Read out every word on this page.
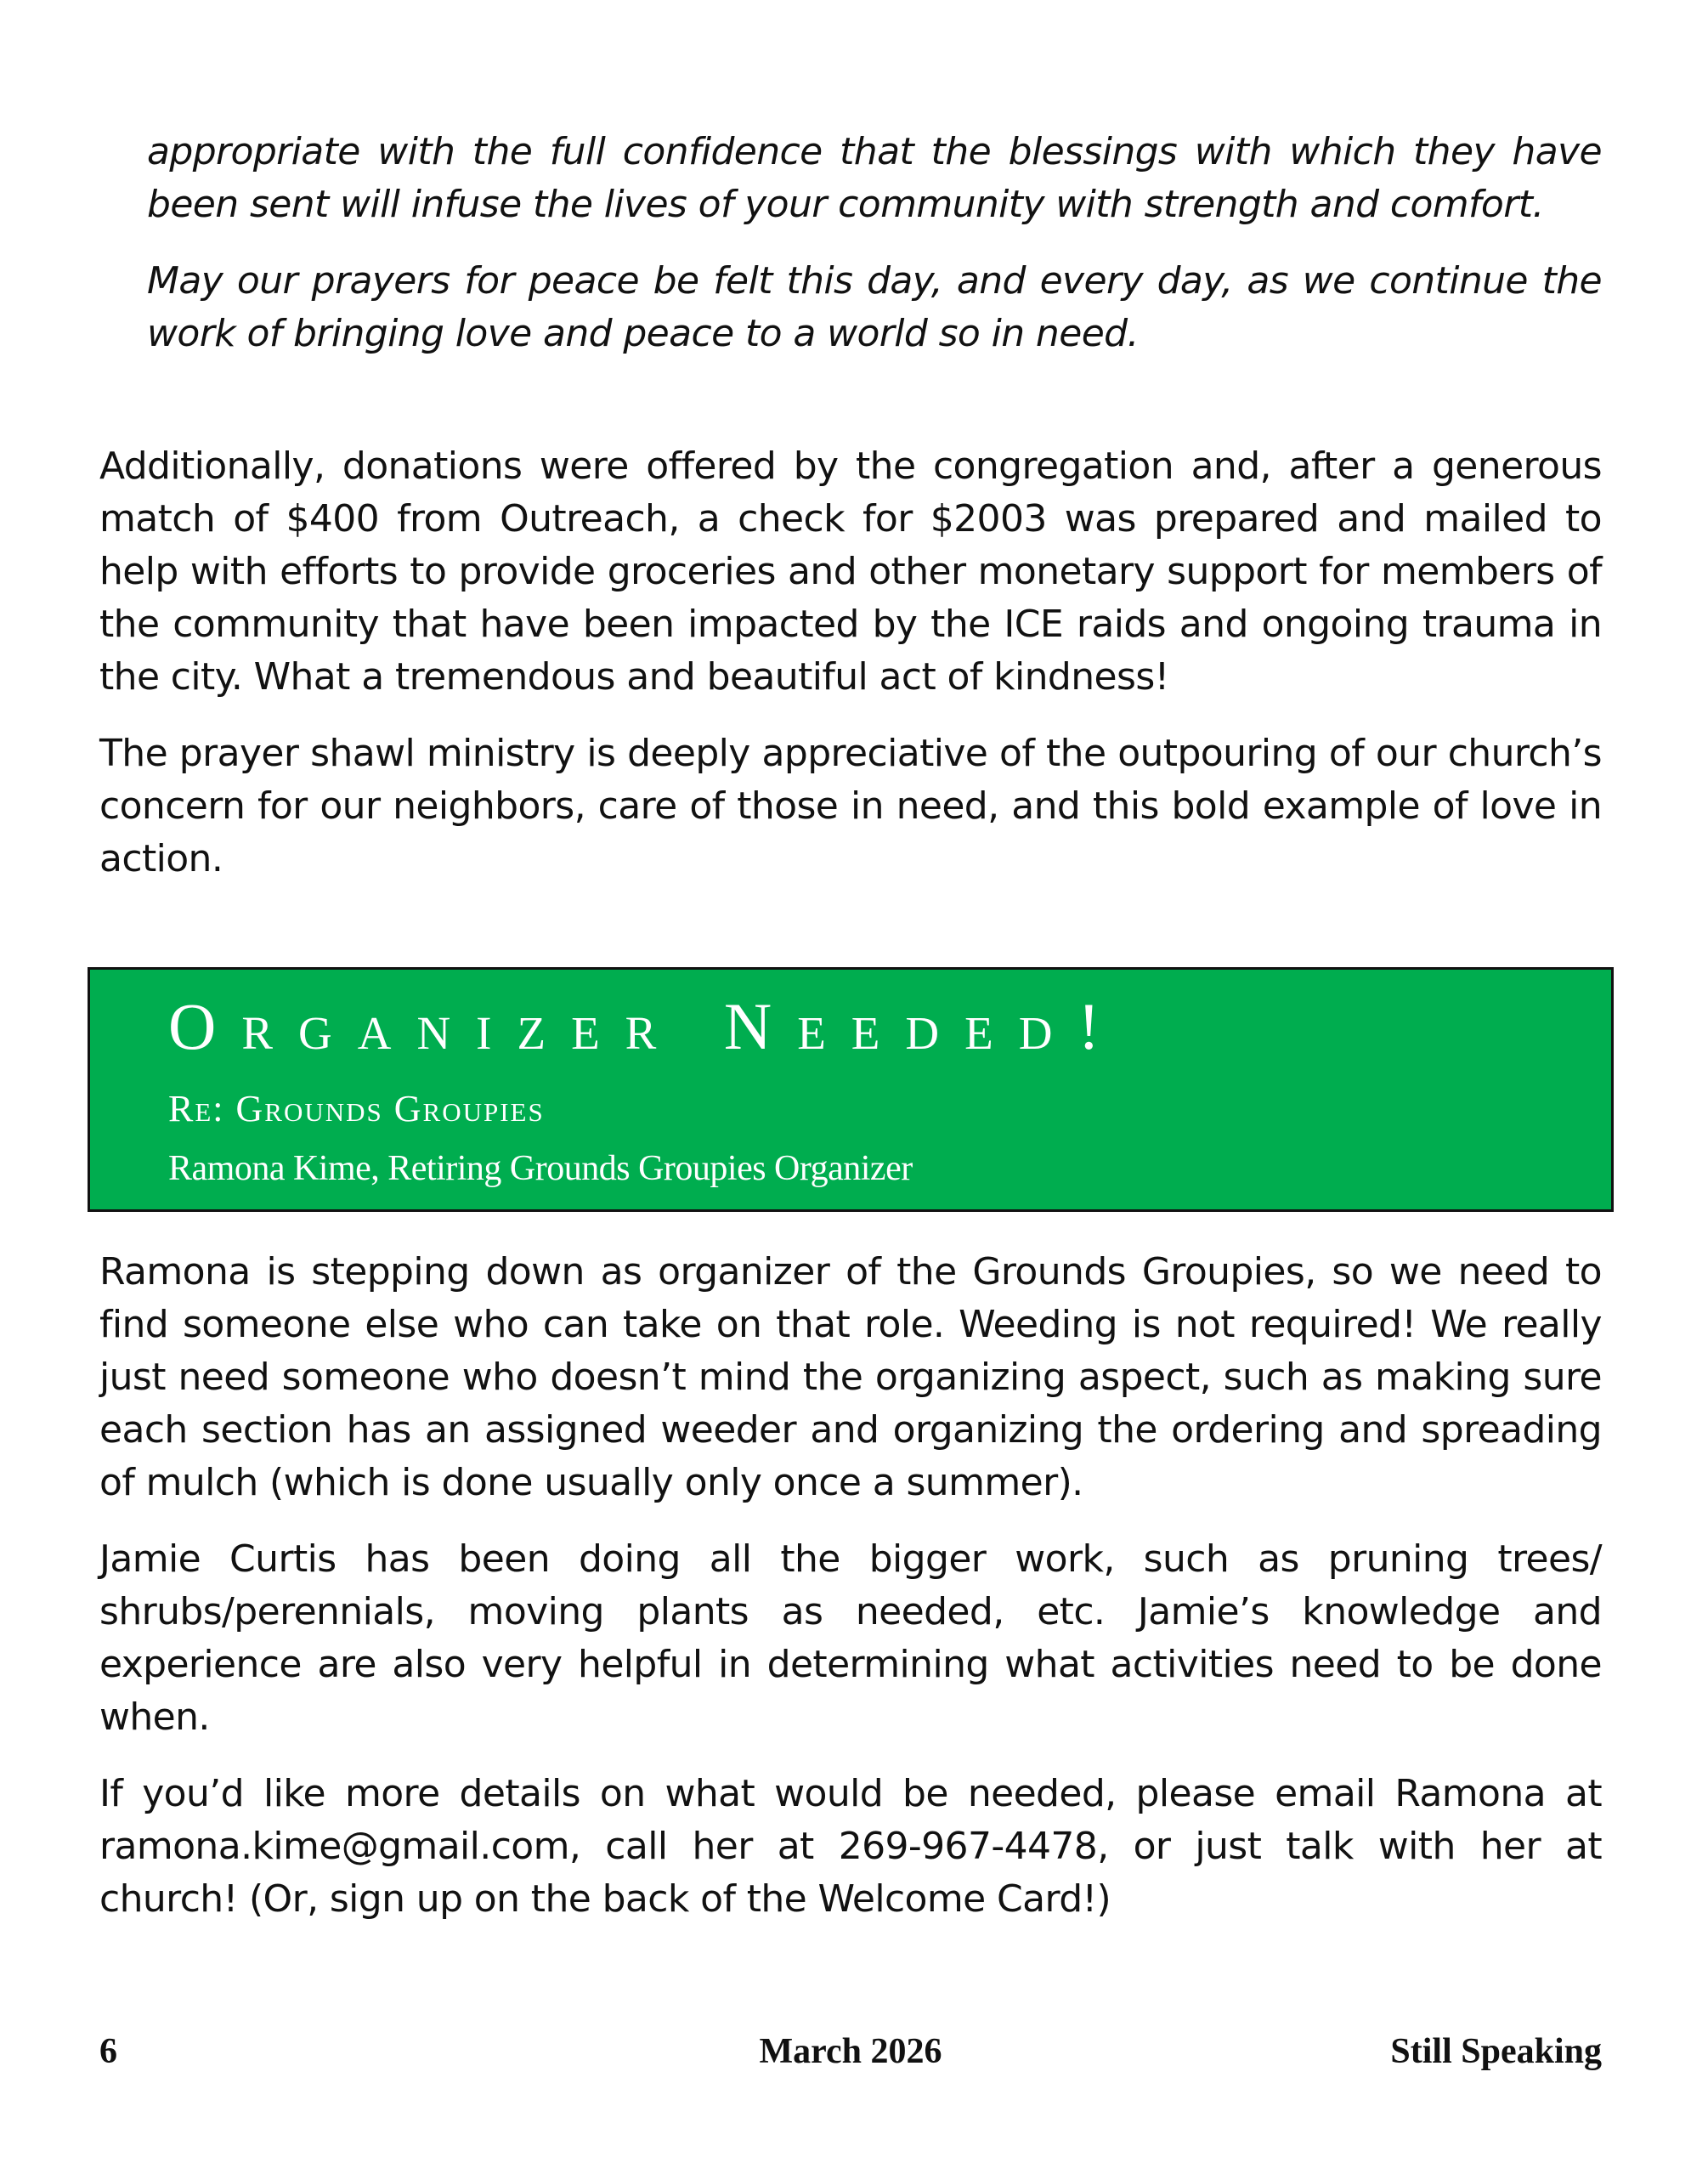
appropriate with the full confidence that the blessings with which they have been sent will infuse the lives of your community with strength and comfort.

May our prayers for peace be felt this day, and every day, as we continue the work of bringing love and peace to a world so in need.

Additionally, donations were offered by the congregation and, after a generous match of $400 from Outreach, a check for $2003 was prepared and mailed to help with efforts to provide groceries and other monetary support for members of the community that have been impacted by the ICE raids and ongoing trauma in the city. What a tremendous and beautiful act of kindness!

The prayer shawl ministry is deeply appreciative of the outpouring of our church’s concern for our neighbors, care of those in need, and this bold example of love in action.

Organizer Needed!
Re: Grounds Groupies
Ramona Kime, Retiring Grounds Groupies Organizer

Ramona is stepping down as organizer of the Grounds Groupies, so we need to find someone else who can take on that role. Weeding is not required! We really just need someone who doesn’t mind the organizing aspect, such as making sure each section has an assigned weeder and organizing the ordering and spreading of mulch (which is done usually only once a summer).

Jamie Curtis has been doing all the bigger work, such as pruning trees/ shrubs/perennials, moving plants as needed, etc. Jamie’s knowledge and experience are also very helpful in determining what activities need to be done when.

If you’d like more details on what would be needed, please email Ramona at ramona.kime@gmail.com, call her at 269-967-4478, or just talk with her at church! (Or, sign up on the back of the Welcome Card!)

6	March 2026	Still Speaking
